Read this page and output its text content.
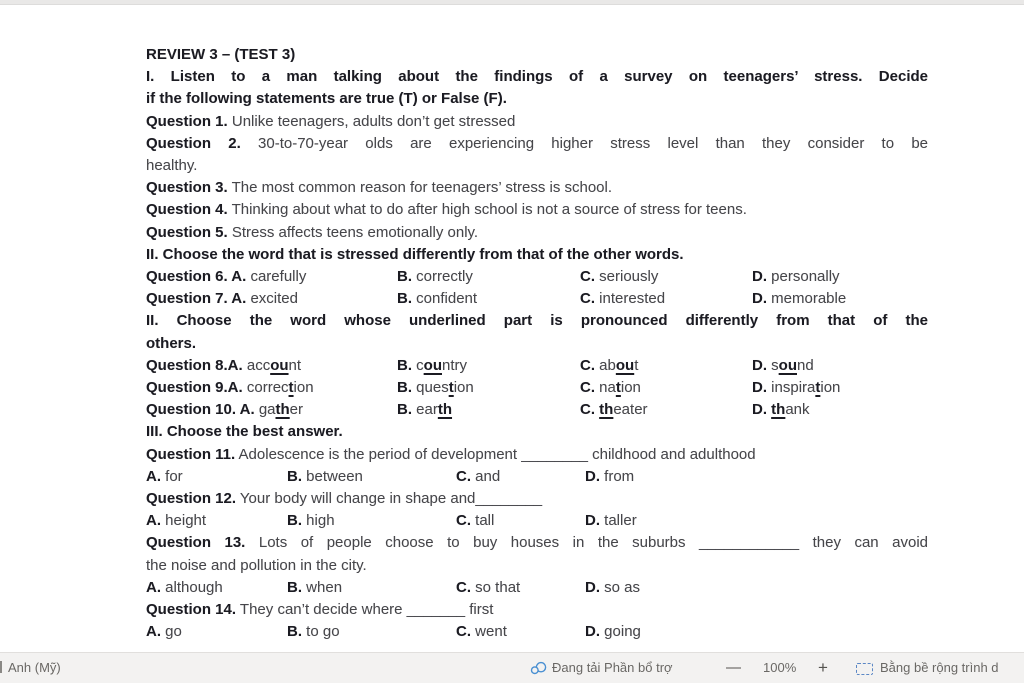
REVIEW 3 – (TEST 3)
I. Listen to a man talking about the findings of a survey on teenagers’ stress. Decide
if the following statements are true (T) or False (F).
Question 1. Unlike teenagers, adults don’t get stressed
Question 2. 30-to-70-year olds are experiencing higher stress level than they consider to be
healthy.
Question 3. The most common reason for teenagers’ stress is school.
Question 4. Thinking about what to do after high school is not a source of stress for teens.
Question 5. Stress affects teens emotionally only.
II. Choose the word that is stressed differently from that of the other words.
Question 6. A. carefully	B. correctly	C. seriously	D. personally
Question 7. A. excited	B. confident	C. interested	D. memorable
II. Choose the word whose underlined part is pronounced differently from that of the
others.
Question 8.A. account	B. country	C. about	D. sound
Question 9.A. correction	B. question	C. nation	D. inspiration
Question 10. A. gather	B. earth	C. theater	D. thank
III. Choose the best answer.
Question 11. Adolescence is the period of development ________ childhood and adulthood
A. for	B. between	C. and	D. from
Question 12. Your body will change in shape and________
A. height	B. high	C. tall	D. taller
Question 13. Lots of people choose to buy houses in the suburbs ____________ they can avoid
the noise and pollution in the city.
A. although	B. when	C. so that	D. so as
Question 14. They can’t decide where _______ first
A. go	B. to go	C. went	D. going
Anh (Mỹ)	Đang tải Phần bổ trợ	— 100% +	Bằng bề rộng trình d
